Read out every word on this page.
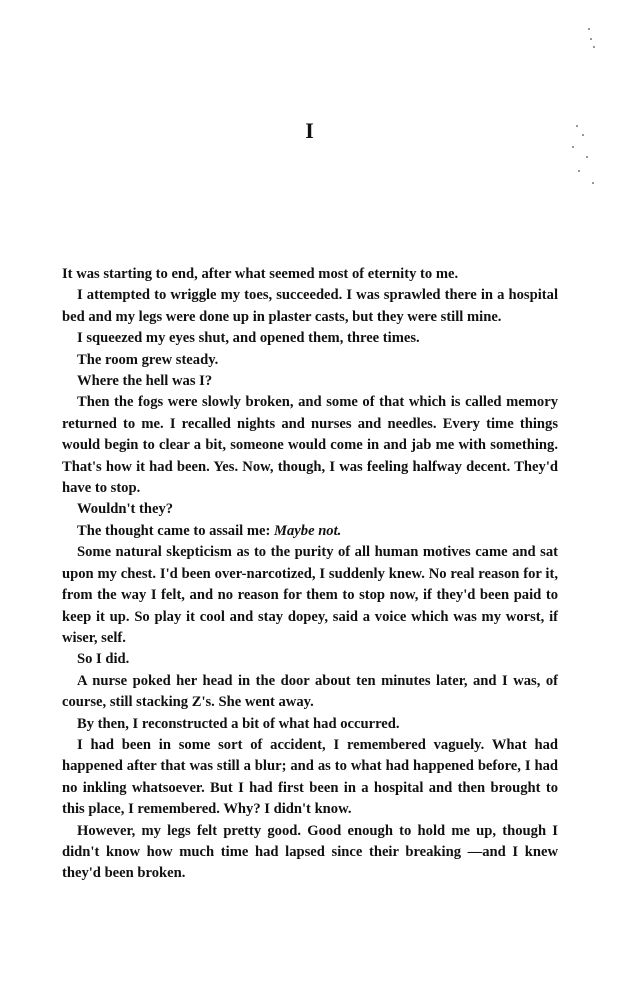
I

It was starting to end, after what seemed most of eternity to me.

I attempted to wriggle my toes, succeeded. I was sprawled there in a hospital bed and my legs were done up in plaster casts, but they were still mine.

I squeezed my eyes shut, and opened them, three times.

The room grew steady.

Where the hell was I?

Then the fogs were slowly broken, and some of that which is called memory returned to me. I recalled nights and nurses and needles. Every time things would begin to clear a bit, someone would come in and jab me with something. That's how it had been. Yes. Now, though, I was feeling halfway decent. They'd have to stop.

Wouldn't they?

The thought came to assail me: Maybe not.

Some natural skepticism as to the purity of all human motives came and sat upon my chest. I'd been over-narcotized, I suddenly knew. No real reason for it, from the way I felt, and no reason for them to stop now, if they'd been paid to keep it up. So play it cool and stay dopey, said a voice which was my worst, if wiser, self.

So I did.

A nurse poked her head in the door about ten minutes later, and I was, of course, still stacking Z's. She went away.

By then, I reconstructed a bit of what had occurred.

I had been in some sort of accident, I remembered vaguely. What had happened after that was still a blur; and as to what had happened before, I had no inkling whatsoever. But I had first been in a hospital and then brought to this place, I remembered. Why? I didn't know.

However, my legs felt pretty good. Good enough to hold me up, though I didn't know how much time had lapsed since their breaking —and I knew they'd been broken.
